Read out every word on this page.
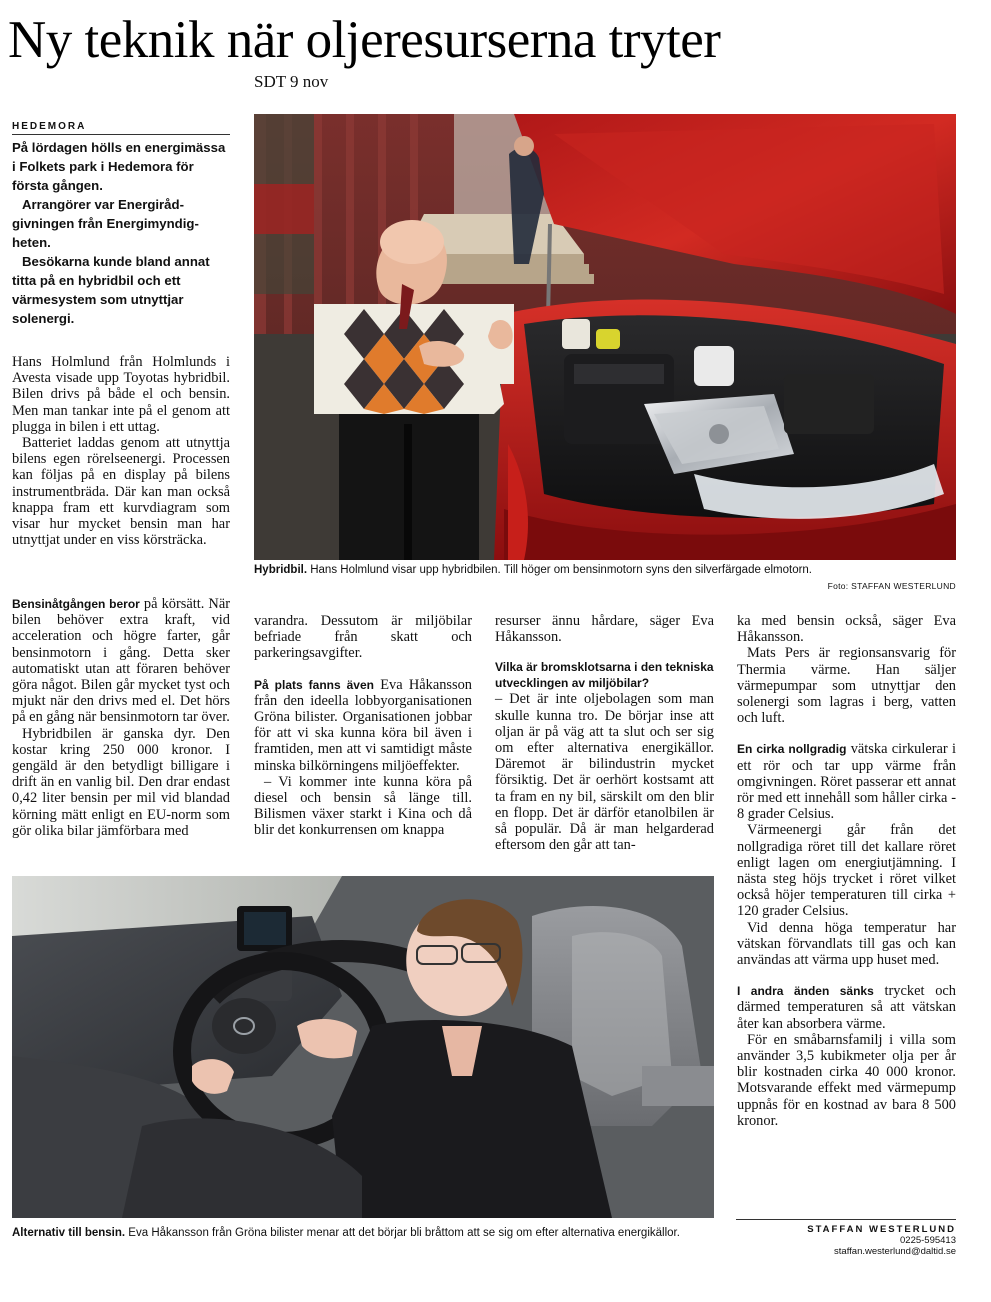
Ny teknik när oljeresurserna tryter
SDT 9 nov
HEDEMORA

På lördagen hölls en energimässa i Folkets park i Hedemora för första gången.

Arrangörer var Energirådgivningen från Energimyndigheten.

Besökarna kunde bland annat titta på en hybridbil och ett värmesystem som utnyttjar solenergi.

Hans Holmlund från Holmlunds i Avesta visade upp Toyotas hybridbil. Bilen drivs på både el och bensin. Men man tankar inte på el genom att plugga in bilen i ett uttag.

Batteriet laddas genom att utnyttja bilens egen rörelseenergi. Processen kan följas på en display på bilens instrumentbräda. Där kan man också knappa fram ett kurvdiagram som visar hur mycket bensin man har utnyttjat under en viss körsträcka.

Bensinåtgången beror på körsätt. När bilen behöver extra kraft, vid acceleration och högre farter, går bensinmotorn i gång. Detta sker automatiskt utan att föraren behöver göra något. Bilen går mycket tyst och mjukt när den drivs med el. Det hörs på en gång när bensinmotorn tar över.

Hybridbilen är ganska dyr. Den kostar kring 250 000 kronor. I gengäld är den betydligt billigare i drift än en vanlig bil. Den drar endast 0,42 liter bensin per mil vid blandad körning mätt enligt en EU-norm som gör olika bilar jämförbara med

varandra. Dessutom är miljöbilar befriade från skatt och parkeringsavgifter.

På plats fanns även Eva Håkansson från den ideella lobbyorganisationen Gröna bilister. Organisationen jobbar för att vi ska kunna köra bil även i framtiden, men att vi samtidigt måste minska bilkörningens miljöeffekter.

– Vi kommer inte kunna köra på diesel och bensin så länge till. Bilismen växer starkt i Kina och då blir det konkurrensen om knappa

resurser ännu hårdare, säger Eva Håkansson.

Vilka är bromsklotsarna i den tekniska utvecklingen av miljöbilar?

– Det är inte oljebolagen som man skulle kunna tro. De börjar inse att oljan är på väg att ta slut och ser sig om efter alternativa energikällor. Däremot är bilindustrin mycket försiktig. Det är oerhört kostsamt att ta fram en ny bil, särskilt om den blir en flopp. Det är därför etanolbilen är så populär. Då är man helgarderad eftersom den går att tan-

ka med bensin också, säger Eva Håkansson.

Mats Pers är regionsansvarig för Thermia värme. Han säljer värmepumpar som utnyttjar den solenergi som lagras i berg, vatten och luft.

En cirka nollgradig vätska cirkulerar i ett rör och tar upp värme från omgivningen. Röret passerar ett annat rör med ett innehåll som håller cirka - 8 grader Celsius.

Värmeenergi går från det nollgradiga röret till det kallare röret enligt lagen om energiutjämning. I nästa steg höjs trycket i röret vilket också höjer temperaturen till cirka + 120 grader Celsius.

Vid denna höga temperatur har vätskan förvandlats till gas och kan användas att värma upp huset med.

I andra änden sänks trycket och därmed temperaturen så att vätskan åter kan absorbera värme.

För en småbarnsfamilj i villa som använder 3,5 kubikmeter olja per år blir kostnaden cirka 40 000 kronor. Motsvarande effekt med värmepump uppnås för en kostnad av bara 8 500 kronor.

Hybridbil. Hans Holmlund visar upp hybridbilen. Till höger om bensinmotorn syns den silverfärgade elmotorn.
Foto: STAFFAN WESTERLUND
Alternativ till bensin. Eva Håkansson från Gröna bilister menar att det börjar bli bråttom att se sig om efter alternativa energikällor.	STAFFAN WESTERLUND
0225-595413
staffan.westerlund@daltid.se
